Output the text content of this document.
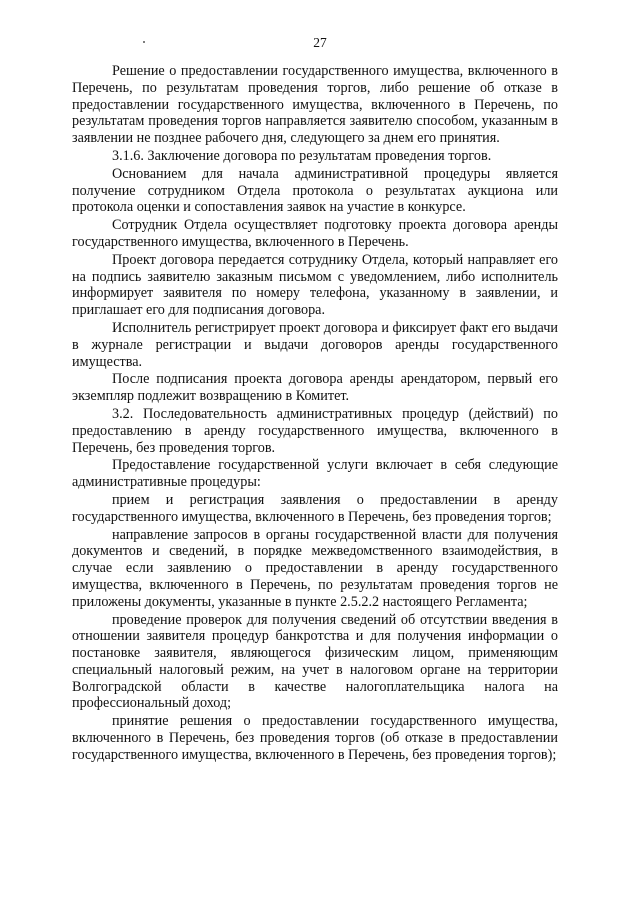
27

Решение о предоставлении государственного имущества, включенного в Перечень, по результатам проведения торгов, либо решение об отказе в предоставлении государственного имущества, включенного в Перечень, по результатам проведения торгов направляется заявителю способом, указанным в заявлении не позднее рабочего дня, следующего за днем его принятия.

3.1.6. Заключение договора по результатам проведения торгов.

Основанием для начала административной процедуры является получение сотрудником Отдела протокола о результатах аукциона или протокола оценки и сопоставления заявок на участие в конкурсе.

Сотрудник Отдела осуществляет подготовку проекта договора аренды государственного имущества, включенного в Перечень.

Проект договора передается сотруднику Отдела, который направляет его на подпись заявителю заказным письмом с уведомлением, либо исполнитель информирует заявителя по номеру телефона, указанному в заявлении, и приглашает его для подписания договора.

Исполнитель регистрирует проект договора и фиксирует факт его выдачи в журнале регистрации и выдачи договоров аренды государственного имущества.

После подписания проекта договора аренды арендатором, первый его экземпляр подлежит возвращению в Комитет.

3.2. Последовательность административных процедур (действий) по предоставлению в аренду государственного имущества, включенного в Перечень, без проведения торгов.

Предоставление государственной услуги включает в себя следующие административные процедуры:

прием и регистрация заявления о предоставлении в аренду государственного имущества, включенного в Перечень, без проведения торгов;

направление запросов в органы государственной власти для получения документов и сведений, в порядке межведомственного взаимодействия, в случае если заявлению о предоставлении в аренду государственного имущества, включенного в Перечень, по результатам проведения торгов не приложены документы, указанные в пункте 2.5.2.2 настоящего Регламента;

проведение проверок для получения сведений об отсутствии введения в отношении заявителя процедур банкротства и для получения информации о постановке заявителя, являющегося физическим лицом, применяющим специальный налоговый режим, на учет в налоговом органе на территории Волгоградской области в качестве налогоплательщика налога на профессиональный доход;

принятие решения о предоставлении государственного имущества, включенного в Перечень, без проведения торгов (об отказе в предоставлении государственного имущества, включенного в Перечень, без проведения торгов);
